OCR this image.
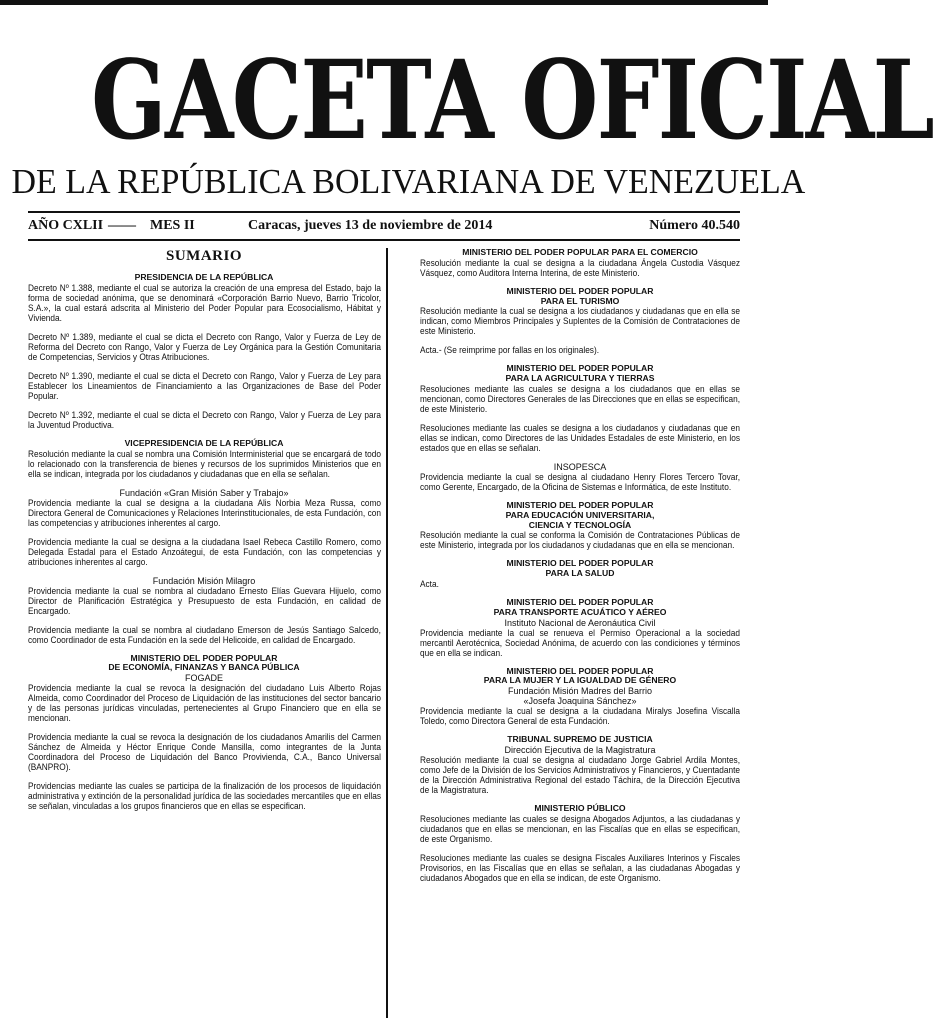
GACETA OFICIAL
DE LA REPÚBLICA BOLIVARIANA DE VENEZUELA
AÑO CXLII —— MES II	Caracas, jueves 13 de noviembre de 2014	Número 40.540
SUMARIO
PRESIDENCIA DE LA REPÚBLICA
Decreto Nº 1.388, mediante el cual se autoriza la creación de una empresa del Estado, bajo la forma de sociedad anónima, que se denominará «Corporación Barrio Nuevo, Barrio Tricolor, S.A.», la cual estará adscrita al Ministerio del Poder Popular para Ecosocialismo, Hábitat y Vivienda.
Decreto Nº 1.389, mediante el cual se dicta el Decreto con Rango, Valor y Fuerza de Ley de Reforma del Decreto con Rango, Valor y Fuerza de Ley Orgánica para la Gestión Comunitaria de Competencias, Servicios y Otras Atribuciones.
Decreto Nº 1.390, mediante el cual se dicta el Decreto con Rango, Valor y Fuerza de Ley para Establecer los Lineamientos de Financiamiento a las Organizaciones de Base del Poder Popular.
Decreto Nº 1.392, mediante el cual se dicta el Decreto con Rango, Valor y Fuerza de Ley para la Juventud Productiva.
VICEPRESIDENCIA DE LA REPÚBLICA
Resolución mediante la cual se nombra una Comisión Interministerial que se encargará de todo lo relacionado con la transferencia de bienes y recursos de los suprimidos Ministerios que en ella se indican, integrada por los ciudadanos y ciudadanas que en ella se señalan.
Fundación «Gran Misión Saber y Trabajo»
Providencia mediante la cual se designa a la ciudadana Alis Norbia Meza Russa, como Directora General de Comunicaciones y Relaciones Interinstitucionales, de esta Fundación, con las competencias y atribuciones inherentes al cargo.
Providencia mediante la cual se designa a la ciudadana Isael Rebeca Castillo Romero, como Delegada Estadal para el Estado Anzoátegui, de esta Fundación, con las competencias y atribuciones inherentes al cargo.
Fundación Misión Milagro
Providencia mediante la cual se nombra al ciudadano Ernesto Elías Guevara Hijuelo, como Director de Planificación Estratégica y Presupuesto de esta Fundación, en calidad de Encargado.
Providencia mediante la cual se nombra al ciudadano Emerson de Jesús Santiago Salcedo, como Coordinador de esta Fundación en la sede del Helicoide, en calidad de Encargado.
MINISTERIO DEL PODER POPULAR
DE ECONOMÍA, FINANZAS Y BANCA PÚBLICA
FOGADE
Providencia mediante la cual se revoca la designación del ciudadano Luis Alberto Rojas Almeida, como Coordinador del Proceso de Liquidación de las instituciones del sector bancario y de las personas jurídicas vinculadas, pertenecientes al Grupo Financiero que en ella se mencionan.
Providencia mediante la cual se revoca la designación de los ciudadanos Amarilis del Carmen Sánchez de Almeida y Héctor Enrique Conde Mansilla, como integrantes de la Junta Coordinadora del Proceso de Liquidación del Banco Provivienda, C.A., Banco Universal (BANPRO).
Providencias mediante las cuales se participa de la finalización de los procesos de liquidación administrativa y extinción de la personalidad jurídica de las sociedades mercantiles que en ellas se señalan, vinculadas a los grupos financieros que en ellas se especifican.
MINISTERIO DEL PODER POPULAR PARA EL COMERCIO
Resolución mediante la cual se designa a la ciudadana Ángela Custodia Vásquez Vásquez, como Auditora Interna Interina, de este Ministerio.
MINISTERIO DEL PODER POPULAR
PARA EL TURISMO
Resolución mediante la cual se designa a los ciudadanos y ciudadanas que en ella se indican, como Miembros Principales y Suplentes de la Comisión de Contrataciones de este Ministerio.
Acta.- (Se reimprime por fallas en los originales).
MINISTERIO DEL PODER POPULAR
PARA LA AGRICULTURA Y TIERRAS
Resoluciones mediante las cuales se designa a los ciudadanos que en ellas se mencionan, como Directores Generales de las Direcciones que en ellas se especifican, de este Ministerio.
Resoluciones mediante las cuales se designa a los ciudadanos y ciudadanas que en ellas se indican, como Directores de las Unidades Estadales de este Ministerio, en los estados que en ellas se señalan.
INSOPESCA
Providencia mediante la cual se designa al ciudadano Henry Flores Tercero Tovar, como Gerente, Encargado, de la Oficina de Sistemas e Informática, de este Instituto.
MINISTERIO DEL PODER POPULAR
PARA EDUCACIÓN UNIVERSITARIA,
CIENCIA Y TECNOLOGÍA
Resolución mediante la cual se conforma la Comisión de Contrataciones Públicas de este Ministerio, integrada por los ciudadanos y ciudadanas que en ella se mencionan.
MINISTERIO DEL PODER POPULAR
PARA LA SALUD
Acta.
MINISTERIO DEL PODER POPULAR
PARA TRANSPORTE ACUÁTICO Y AÉREO
Instituto Nacional de Aeronáutica Civil
Providencia mediante la cual se renueva el Permiso Operacional a la sociedad mercantil Aerotécnica, Sociedad Anónima, de acuerdo con las condiciones y términos que en ella se indican.
MINISTERIO DEL PODER POPULAR
PARA LA MUJER Y LA IGUALDAD DE GÉNERO
Fundación Misión Madres del Barrio
«Josefa Joaquina Sánchez»
Providencia mediante la cual se designa a la ciudadana Miralys Josefina Viscalla Toledo, como Directora General de esta Fundación.
TRIBUNAL SUPREMO DE JUSTICIA
Dirección Ejecutiva de la Magistratura
Resolución mediante la cual se designa al ciudadano Jorge Gabriel Ardila Montes, como Jefe de la División de los Servicios Administrativos y Financieros, y Cuentadante de la Dirección Administrativa Regional del estado Táchira, de la Dirección Ejecutiva de la Magistratura.
MINISTERIO PÚBLICO
Resoluciones mediante las cuales se designa Abogados Adjuntos, a las ciudadanas y ciudadanos que en ellas se mencionan, en las Fiscalías que en ellas se especifican, de este Organismo.
Resoluciones mediante las cuales se designa Fiscales Auxiliares Interinos y Fiscales Provisorios, en las Fiscalías que en ellas se señalan, a las ciudadanas Abogadas y ciudadanos Abogados que en ella se indican, de este Organismo.
